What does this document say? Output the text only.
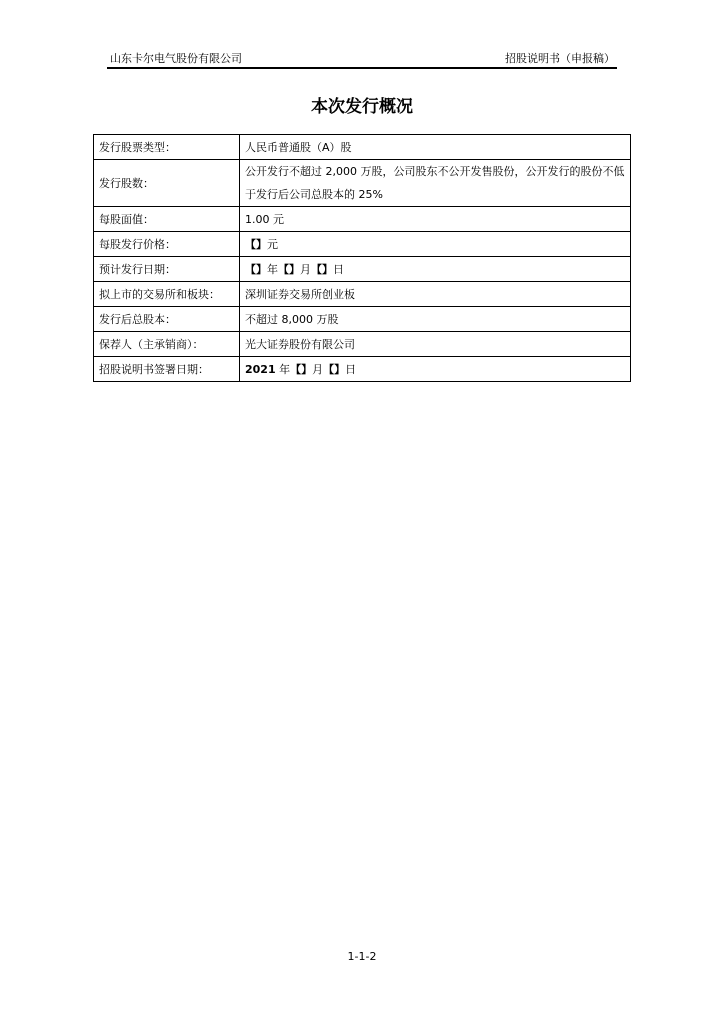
山东卡尔电气股份有限公司	招股说明书（申报稿）
本次发行概况
发行股票类型：	人民币普通股（A）股
发行股数：	公开发行不超过 2,000 万股，公司股东不公开发售股份，公开发行的股份不低于发行后公司总股本的 25%
每股面值：	1.00 元
每股发行价格：	【】元
预计发行日期：	【】年【】月【】日
拟上市的交易所和板块：	深圳证券交易所创业板
发行后总股本：	不超过 8,000 万股
保荐人（主承销商）：	光大证券股份有限公司
招股说明书签署日期：	2021 年【】月【】日
1-1-2
